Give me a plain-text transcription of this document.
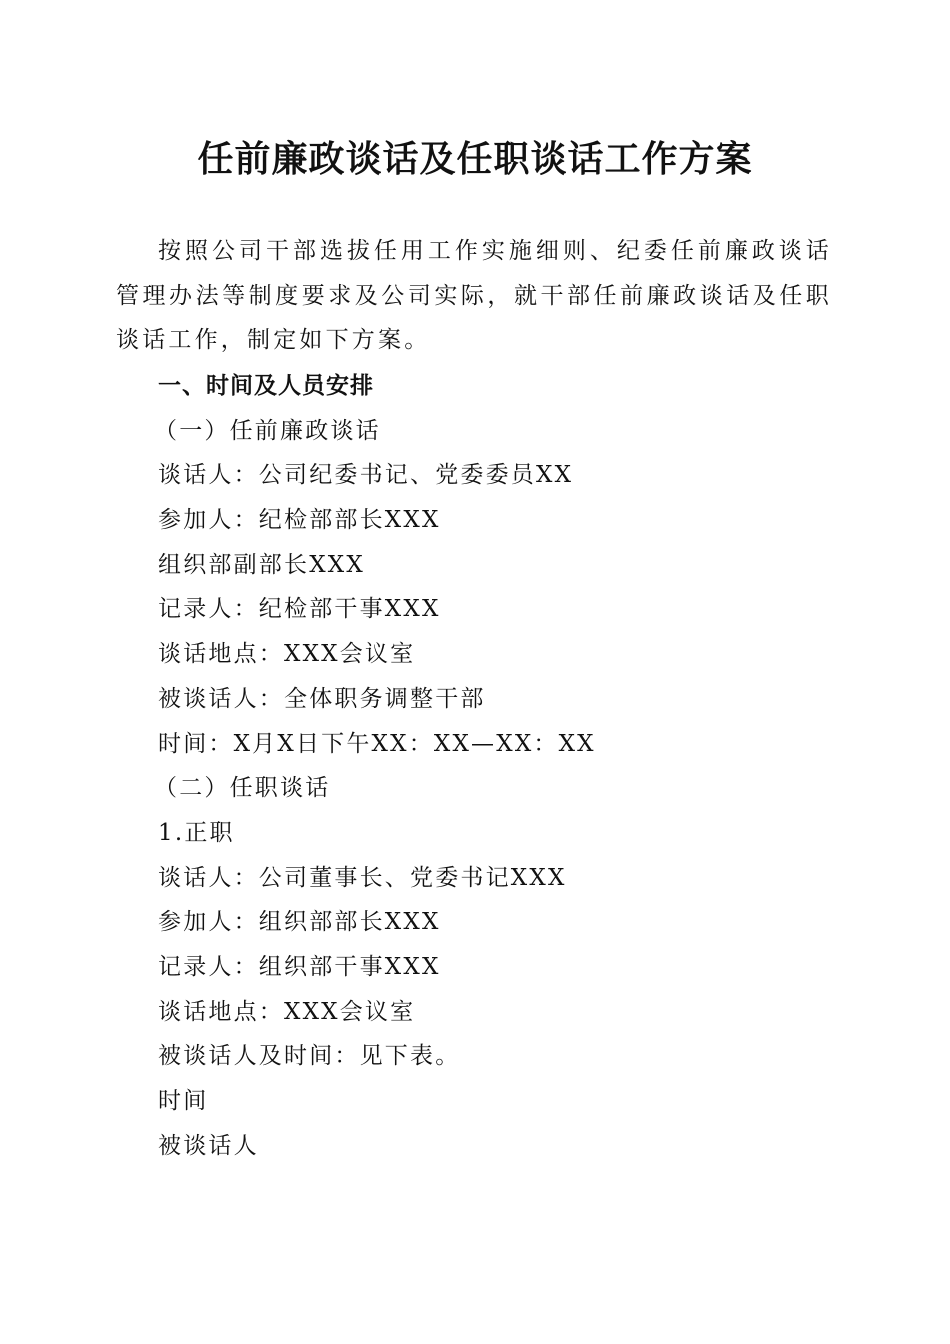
任前廉政谈话及任职谈话工作方案

按照公司干部选拔任用工作实施细则、纪委任前廉政谈话管理办法等制度要求及公司实际，就干部任前廉政谈话及任职谈话工作，制定如下方案。

一、时间及人员安排
（一）任前廉政谈话
谈话人：公司纪委书记、党委委员XX
参加人：纪检部部长XXX
组织部副部长XXX
记录人：纪检部干事XXX
谈话地点：XXX会议室
被谈话人：全体职务调整干部
时间：X月X日下午XX：XX—XX：XX
（二）任职谈话
1.正职
谈话人：公司董事长、党委书记XXX
参加人：组织部部长XXX
记录人：组织部干事XXX
谈话地点：XXX会议室
被谈话人及时间：见下表。
时间
被谈话人
